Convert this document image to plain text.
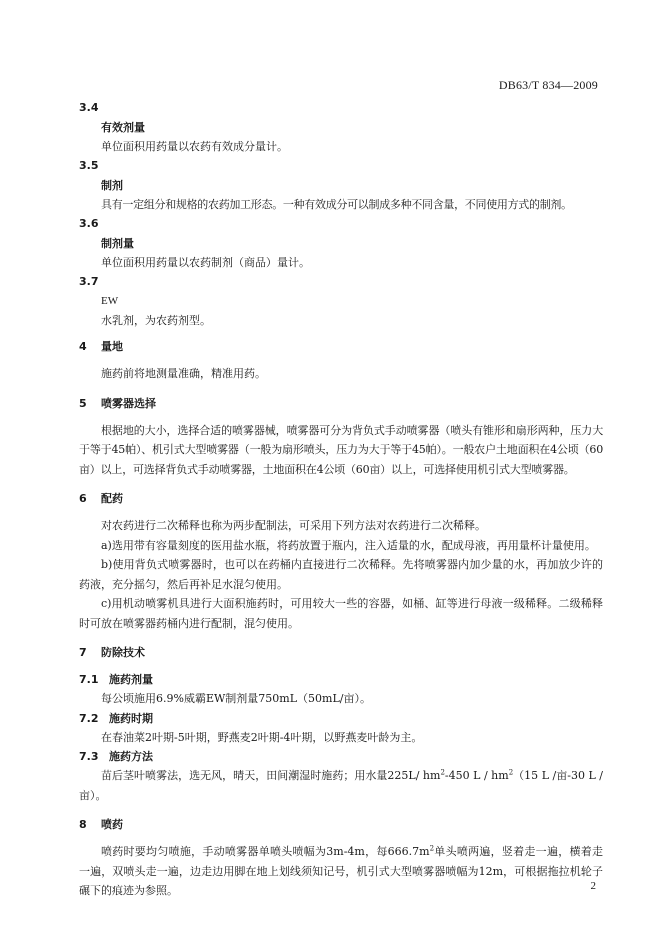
DB63/T 834—2009
3.4
有效剂量
单位面积用药量以农药有效成分量计。
3.5
制剂
具有一定组分和规格的农药加工形态。一种有效成分可以制成多种不同含量，不同使用方式的制剂。
3.6
制剂量
单位面积用药量以农药制剂（商品）量计。
3.7
EW
水乳剂，为农药剂型。
4 量地
施药前将地测量准确，精准用药。
5 喷雾器选择
根据地的大小，选择合适的喷雾器械，喷雾器可分为背负式手动喷雾器（喷头有锥形和扇形两种，压力大于等于45帕）、机引式大型喷雾器（一般为扇形喷头，压力为大于等于45帕）。一般农户土地面积在4公顷（60亩）以上，可选择背负式手动喷雾器，土地面积在4公顷（60亩）以上，可选择使用机引式大型喷雾器。
6 配药
对农药进行二次稀释也称为两步配制法，可采用下列方法对农药进行二次稀释。
a)选用带有容量刻度的医用盐水瓶，将药放置于瓶内，注入适量的水，配成母液，再用量杯计量使用。
b)使用背负式喷雾器时，也可以在药桶内直接进行二次稀释。先将喷雾器内加少量的水，再加放少许的药液，充分摇匀，然后再补足水混匀使用。
c)用机动喷雾机具进行大面积施药时，可用较大一些的容器，如桶、缸等进行母液一级稀释。二级稀释时可放在喷雾器药桶内进行配制，混匀使用。
7 防除技术
7.1 施药剂量
每公顷施用6.9%威霸EW制剂量750mL（50mL/亩）。
7.2 施药时期
在春油菜2叶期-5叶期，野燕麦2叶期-4叶期，以野燕麦叶龄为主。
7.3 施药方法
苗后茎叶喷雾法，选无风，晴天，田间潮湿时施药；用水量225L/ $hm^2-450$ L / $hm^2(15$ L /亩-30 L /亩）。
8 喷药
喷药时要均匀喷施，手动喷雾器单喷头喷幅为3m-4m，每$666.7m^2$单头喷两遍，竖着走一遍，横着走一遍，双喷头走一遍，边走边用脚在地上划线须知记号，机引式大型喷雾器喷幅为12m，可根据拖拉机轮子碾下的痕迹为参照。	2
